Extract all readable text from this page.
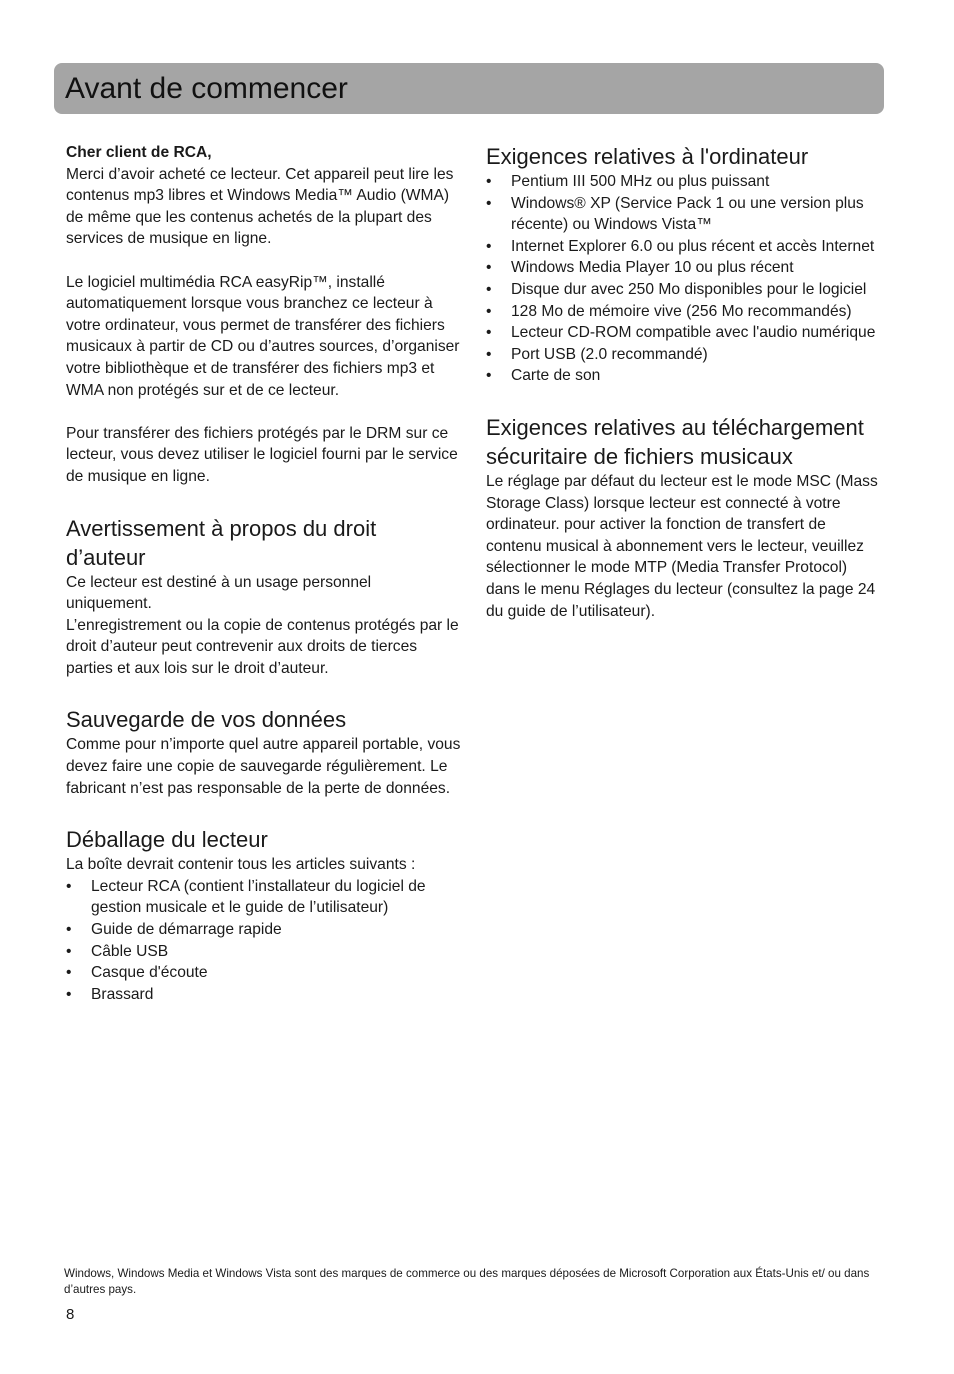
Avant de commencer

Cher client de RCA,

Merci d’avoir acheté ce lecteur. Cet appareil peut lire les contenus mp3 libres et Windows Media™ Audio (WMA) de même que les contenus achetés de la plupart des services de musique en ligne.

Le logiciel multimédia RCA easyRip™, installé automatiquement lorsque vous branchez ce lecteur à votre ordinateur, vous permet de transférer des fichiers musicaux à partir de CD ou d’autres sources, d’organiser votre bibliothèque et de transférer des fichiers mp3 et WMA non protégés sur et de ce lecteur.

Pour transférer des fichiers protégés par le DRM sur ce lecteur, vous devez utiliser le logiciel fourni par le service de musique en ligne.

Avertissement à propos du droit d’auteur

Ce lecteur est destiné à un usage personnel uniquement.

L’enregistrement ou la copie de contenus protégés par le droit d’auteur peut contrevenir aux droits de tierces parties et aux lois sur le droit d’auteur.

Sauvegarde de vos données

Comme pour n’importe quel autre appareil portable, vous devez faire une copie de sauvegarde régulièrement. Le fabricant n’est pas responsable de la perte de données.

Déballage du lecteur

La boîte devrait contenir tous les articles suivants :

• Lecteur RCA (contient l’installateur du logiciel de gestion musicale et le guide de l’utilisateur)
• Guide de démarrage rapide
• Câble USB
• Casque d'écoute
• Brassard
Exigences relatives à l'ordinateur
• Pentium III 500 MHz ou plus puissant
• Windows® XP (Service Pack 1 ou une version plus récente) ou Windows Vista™
• Internet Explorer 6.0 ou plus récent et accès Internet
• Windows Media Player 10 ou plus récent
• Disque dur avec 250 Mo disponibles pour le logiciel
• 128 Mo de mémoire vive (256 Mo recommandés)
• Lecteur CD-ROM compatible avec l'audio numérique
• Port USB (2.0 recommandé)
• Carte de son
Exigences relatives au téléchargement sécuritaire de fichiers musicaux

Le réglage par défaut du lecteur est le mode MSC (Mass Storage Class) lorsque lecteur est connecté à votre ordinateur. pour activer la fonction de transfert de contenu musical à abonnement vers le lecteur, veuillez sélectionner le mode MTP (Media Transfer Protocol) dans le menu Réglages du lecteur (consultez la page 24 du guide de l’utilisateur).

Windows, Windows Media et Windows Vista sont des marques de commerce ou des marques déposées de Microsoft Corporation aux États-Unis et/ ou dans d’autres pays.
8
